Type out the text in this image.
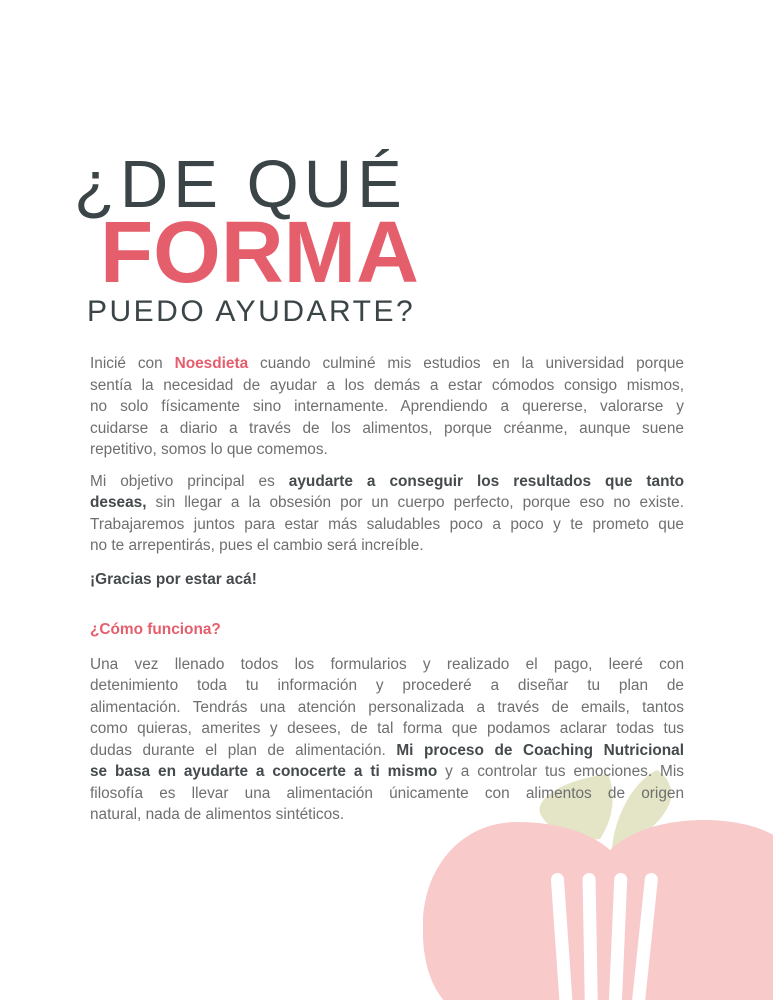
¿DE QUÉ
FORMA
PUEDO AYUDARTE?
Inicié con Noesdieta cuando culminé mis estudios en la universidad porque
sentía la necesidad de ayudar a los demás a estar cómodos consigo mismos,
no solo físicamente sino internamente. Aprendiendo a quererse, valorarse y
cuidarse a diario a través de los alimentos, porque créanme, aunque suene
repetitivo, somos lo que comemos.
Mi objetivo principal es ayudarte a conseguir los resultados que tanto
deseas, sin llegar a la obsesión por un cuerpo perfecto, porque eso no existe.
Trabajaremos juntos para estar más saludables poco a poco y te prometo que
no te arrepentirás, pues el cambio será increíble.
¡Gracias por estar acá!
¿Cómo funciona?
Una vez llenado todos los formularios y realizado el pago, leeré con
detenimiento toda tu información y procederé a diseñar tu plan de
alimentación. Tendrás una atención personalizada a través de emails, tantos
como quieras, amerites y desees, de tal forma que podamos aclarar todas tus
dudas durante el plan de alimentación. Mi proceso de Coaching Nutricional
se basa en ayudarte a conocerte a ti mismo y a controlar tus emociones. Mis
filosofía es llevar una alimentación únicamente con alimentos de origen
natural, nada de alimentos sintéticos.
